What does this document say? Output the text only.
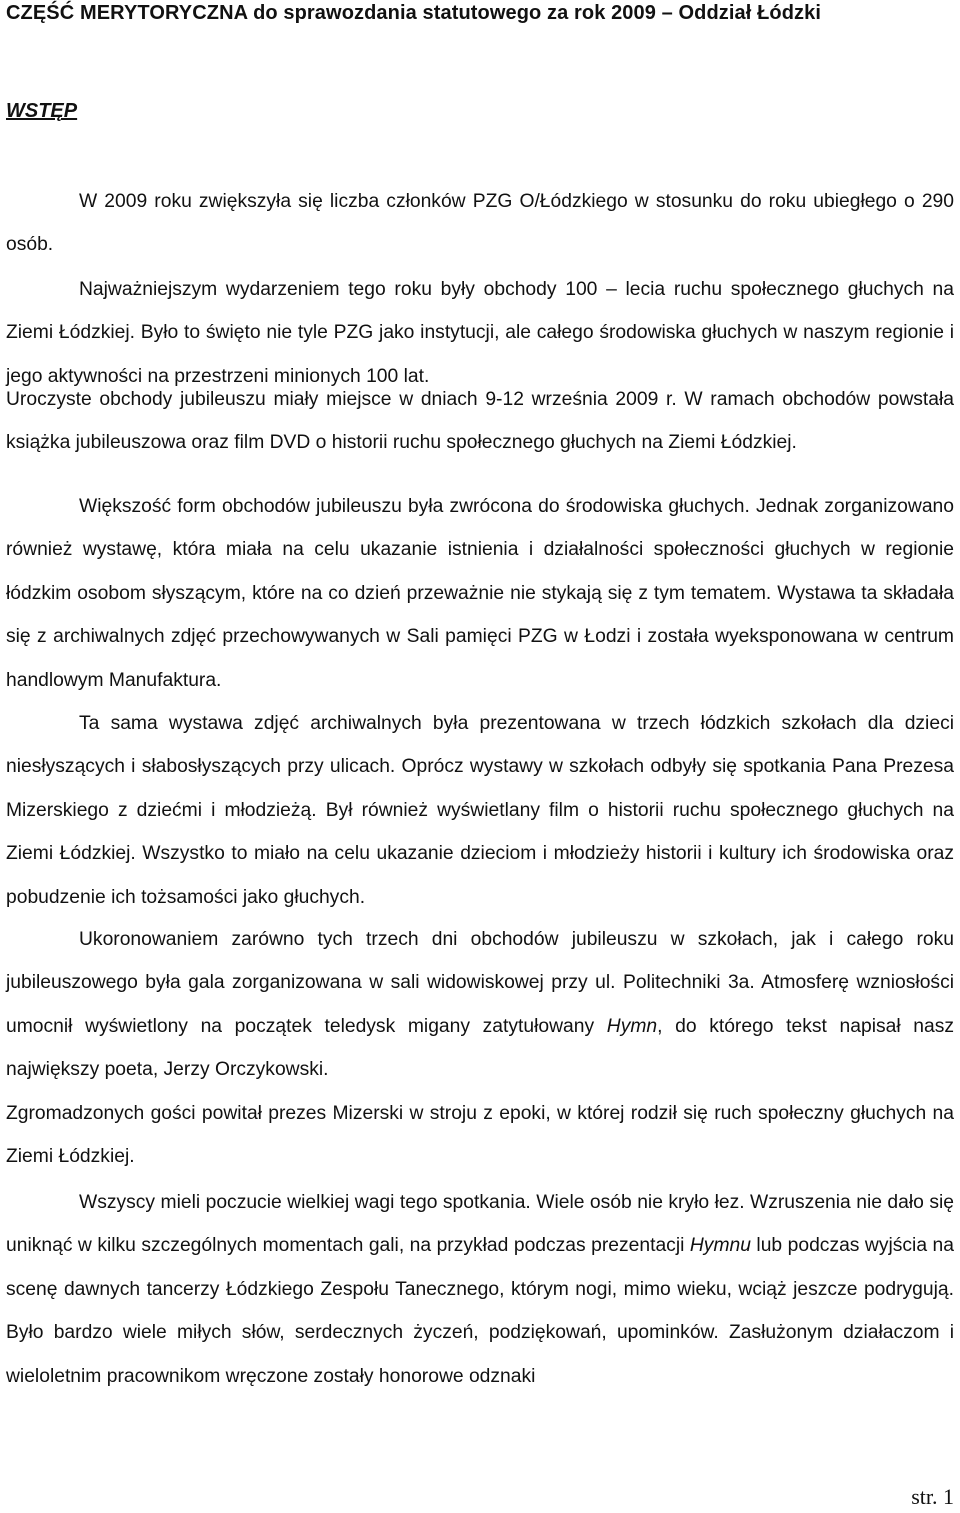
CZĘŚĆ MERYTORYCZNA do sprawozdania statutowego za rok 2009 – Oddział Łódzki
WSTĘP

W 2009 roku zwiększyła się liczba członków PZG O/Łódzkiego w stosunku do roku ubiegłego o 290 osób.

Najważniejszym wydarzeniem tego roku były obchody 100 – lecia ruchu społecznego głuchych na Ziemi Łódzkiej. Było to święto nie tyle PZG jako instytucji, ale całego środowiska głuchych w naszym regionie i jego aktywności na przestrzeni minionych 100 lat.

Uroczyste obchody jubileuszu miały miejsce w dniach 9-12 września 2009 r. W ramach obchodów powstała książka jubileuszowa oraz film DVD o historii ruchu społecznego głuchych na Ziemi Łódzkiej.

Większość form obchodów jubileuszu była zwrócona do środowiska głuchych. Jednak zorganizowano również wystawę, która miała na celu ukazanie istnienia i działalności społeczności głuchych w regionie łódzkim osobom słyszącym, które na co dzień przeważnie nie stykają się z tym tematem. Wystawa ta składała się z archiwalnych zdjęć przechowywanych w Sali pamięci PZG w Łodzi i została wyeksponowana w centrum handlowym Manufaktura.

Ta sama wystawa zdjęć archiwalnych była prezentowana w trzech łódzkich szkołach dla dzieci niesłyszących i słabosłyszących przy ulicach. Oprócz wystawy w szkołach odbyły się spotkania Pana Prezesa Mizerskiego z dziećmi i młodzieżą. Był również wyświetlany film o historii ruchu społecznego głuchych na Ziemi Łódzkiej. Wszystko to miało na celu ukazanie dzieciom i młodzieży historii i kultury ich środowiska oraz pobudzenie ich tożsamości jako głuchych.

Ukoronowaniem zarówno tych trzech dni obchodów jubileuszu w szkołach, jak i całego roku jubileuszowego była gala zorganizowana w sali widowiskowej przy ul. Politechniki 3a. Atmosferę wzniosłości umocnił wyświetlony na początek teledysk migany zatytułowany Hymn, do którego tekst napisał nasz największy poeta, Jerzy Orczykowski.

Zgromadzonych gości powitał prezes Mizerski w stroju z epoki, w której rodził się ruch społeczny głuchych na Ziemi Łódzkiej.

Wszyscy mieli poczucie wielkiej wagi tego spotkania. Wiele osób nie kryło łez. Wzruszenia nie dało się uniknąć w kilku szczególnych momentach gali, na przykład podczas prezentacji Hymnu lub podczas wyjścia na scenę dawnych tancerzy Łódzkiego Zespołu Tanecznego, którym nogi, mimo wieku, wciąż jeszcze podrygują. Było bardzo wiele miłych słów, serdecznych życzeń, podziękowań, upominków. Zasłużonym działaczom i wieloletnim pracownikom wręczone zostały honorowe odznaki

str. 1
